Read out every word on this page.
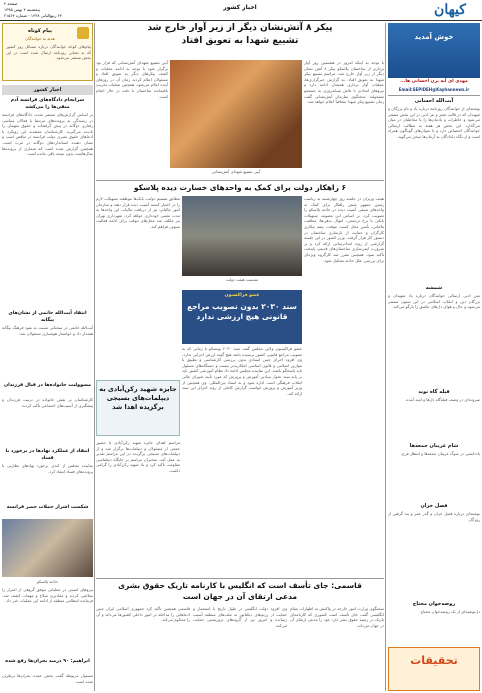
کیهان
اخبار کشور
صفحه ۴
پنجشنبه ۴ بهمن ۱۳۹۵
۲۴ ربیع‌الثانی ۱۴۳۸ - شماره ۲۱۵۶۴
خوش آمدید
مهدی ای آیه برن احسانی ها...
Email:SEPIDEH@Kayhannews.ir
آیت‌الله احسانی
نوشته‌ای از خوانندگان روزنامه درباره یاد و نام بزرگان و شهیدان که در قالب شعر و نثر ادبی در این بخش منتشر می‌شود و خاطرات و یادمان‌ها را با مخاطبان در میان می‌گذارد. این بخش هر هفته به مطالب ارسالی خوانندگان اختصاص دارد و با عنوان‌های گوناگون همراه است و از نگاه دلدادگان به آرمان‌ها سخن می‌گوید.
شمشه
متن ادبی ارسالی خوانندگان درباره یاد شهیدان و بزرگان دین و انقلاب اسلامی در این ستون منتشر می‌شود و حال و هوای دل‌های عاشق را بازگو می‌کند.
قبله گاه نوید
سروده‌ای در وصف قبله‌گاه دل‌ها و امید آینده.
شام غریبان جمعه‌ها
یادداشتی در سوگ غریبان جمعه‌ها و انتظار فرج.
فصل خزان
نوشته‌ای درباره فصل خزان و گذر عمر و پند گرفتن از روزگار.
روضه‌خوان محتاج
دل‌نوشته‌ای از یک روضه‌خوان محتاج.
تحقیقات
پیکر ۸ آتش‌نشان دیگر از زیر آوار خارج شد
تشییع شهدا به تعویق افتاد
آیین تشییع شهدای آتش‌نشانی
با توجه به اینکه امروز در هشتمین روز آوار برداری از ساختمان پلاسکو پیکر ۸ آتش نشان دیگر از زیر آوار خارج شد، مراسم تشییع پیکر شهدا به تعویق افتاد. به گزارش خبرگزاری‌ها، عملیات آوار برداری همچنان ادامه دارد و نیروهای امدادی با تلاش شبانه‌روزی به جستجو مشغولند. سخنگوی سازمان آتش‌نشانی گفت زمان تشییع پیکر شهدا متعاقباً اعلام خواهد شد.
آیین تشییع شهدای آتش‌نشانی که قرار بود برگزار شود با توجه به ادامه عملیات و کشف پیکرهای دیگر به تعویق افتاد و مسئولان اعلام کردند زمان آن در روزهای آینده اعلام می‌شود. همچنین عملیات تخریب باقیمانده ساختمان با دقت در حال انجام است.
۶ راهکار دولت برای کمک به واحدهای خسارت دیده پلاسکو
نشست هیئت دولت
هیئت وزیران در جلسه روز چهارشنبه به ریاست رئیس جمهور شش راهکار برای کمک به واحدهای صنفی آسیب دیده در حادثه پلاسکو را تصویب کرد. بر اساس این مصوبه، تسهیلات بانکی با نرخ ترجیحی، امهال بدهی‌ها، معافیت مالیاتی، تأمین محل کسب موقت، بیمه بیکاری کارگران و حمایت از بازسازی ساختمان در دستور کار قرار گرفت. وزیر کشور در این جلسه گزارشی از روند امدادرسانی ارائه کرد و بر ضرورت ایمن‌سازی ساختمان‌های قدیمی پایتخت تأکید نمود. همچنین مقرر شد کارگروه ویژه‌ای برای بررسی علل حادثه تشکیل شود.
مطابق تصمیم دولت، بانک‌ها موظفند تسهیلات لازم را در اختیار کسبه آسیب دیده قرار دهند و سازمان امور مالیاتی نیز از دریافت مالیات این واحدها به مدت معینی خودداری خواهد کرد. شهرداری تهران نیز مکلف شد محل‌های موقت برای ادامه فعالیت صنوف فراهم کند.
عضو فراکسیون
سند ۲۰۳۰ بدون تصویب مراجع قانونی هیچ ارزشی ندارد
عضو فراکسیون ولایی مجلس گفت سند ۲۰۳۰ یونسکو تا زمانی که به تصویب مراجع قانونی کشور نرسیده باشد هیچ گونه ارزش اجرایی ندارد. وی افزود اجرای چنین اسنادی بدون بررسی کارشناسی و تطبیق با موازین اسلامی و قانون اساسی امکان‌پذیر نیست و دستگاه‌های مسئول باید پاسخگو باشند. این نماینده مجلس ادامه داد نظام آموزشی کشور باید بر پایه سند تحول بنیادین آموزش و پرورش که مورد تأیید شورای عالی انقلاب فرهنگی است اداره شود و نه اسناد بین‌المللی. وی همچنین از وزیر آموزش و پرورش خواست گزارش کاملی از روند اجرای این سند ارائه کند.
جایزه شهید رکن‌آبادی به دیپلمات‌های بسیجی برگزیده اهدا شد
مراسم اهدای جایزه شهید رکن‌آبادی با حضور جمعی از مسئولان و دیپلمات‌ها برگزار شد و از دیپلمات‌های بسیجی برگزیده در این مراسم تقدیر به عمل آمد. سخنران مراسم بر جایگاه دیپلماسی مقاومت تأکید کرد و یاد شهید رکن‌آبادی را گرامی داشت.
قاسمی: جای تأسف است که انگلیس با کارنامه تاریک حقوق بشری
مدعی ارتقای آن در جهان است
سخنگوی وزارت امور خارجه در واکنش به اظهارات مقام انگلیسی گفت جای تأسف است کشوری که کارنامه‌ای تاریک در زمینه حقوق بشر دارد خود را مدعی ارتقای آن در جهان می‌داند.
وی افزود دولت انگلیس در طول تاریخ با استعمار و حمایت از رژیم‌های دیکتاتور به ملت‌های منطقه آسیب رسانده و امروز نیز از گروه‌های تروریستی حمایت می‌کند.
قاسمی همچنین تأکید کرد جمهوری اسلامی ایران چنین ادعاهایی را مداخله در امور داخلی کشورها می‌داند و آن را محکوم می‌کند.
پیام کوتاه
هدیه به خوانندگان
پیام‌های کوتاه خوانندگان درباره مسائل روز کشور که به نشانی روزنامه ارسال شده است در این بخش منتشر می‌شود.
اخبار کشور
سرانجام دادگاه‌های فرانسه آدم منفی‌ها را می‌کشد
بر اساس گزارش‌های منتشر شده، دادگاه‌های فرانسه در رسیدگی به پرونده‌های مرتبط با فعالان سیاسی رفتاری دوگانه در پیش گرفته‌اند و حقوق متهمان را نادیده می‌گیرند. کارشناسان معتقدند این رویکرد با ادعاهای حقوق بشری دولت فرانسه در تناقض است و نشان دهنده استانداردهای دوگانه در غرب است. همچنین گزارش شده است که شماری از پرونده‌ها سال‌هاست بدون نتیجه باقی مانده است.
انتقاد آیت‌الله خاتمی از نشان‌های بیگانه
آیت‌الله خاتمی در سخنانی نسبت به نفوذ فرهنگ بیگانه هشدار داد و خواستار هوشیاری مسئولان شد.
مسوولیت خانواده‌ها در قبال فرزندان
کارشناسان بر نقش خانواده در تربیت فرزندان و پیشگیری از آسیب‌های اجتماعی تأکید کردند.
انتقاد از عملکرد نهادها در برخورد با فساد
نماینده مجلس از کندی برخورد نهادهای نظارتی با پرونده‌های فساد انتقاد کرد.
شکست اشرار حملات حصر فرانسه
حادثه پلاسکو
نیروهای امنیتی در عملیاتی موفق گروهی از اشرار را متلاشی کردند و مقادیری سلاح و مهمات کشف شد. فرمانده انتظامی منطقه از ادامه این عملیات خبر داد.
ابراهیم: ۹۰ درصد بحران‌ها رفع شده
مسئول مربوطه گفت بخش عمده بحران‌ها برطرف شده است.
